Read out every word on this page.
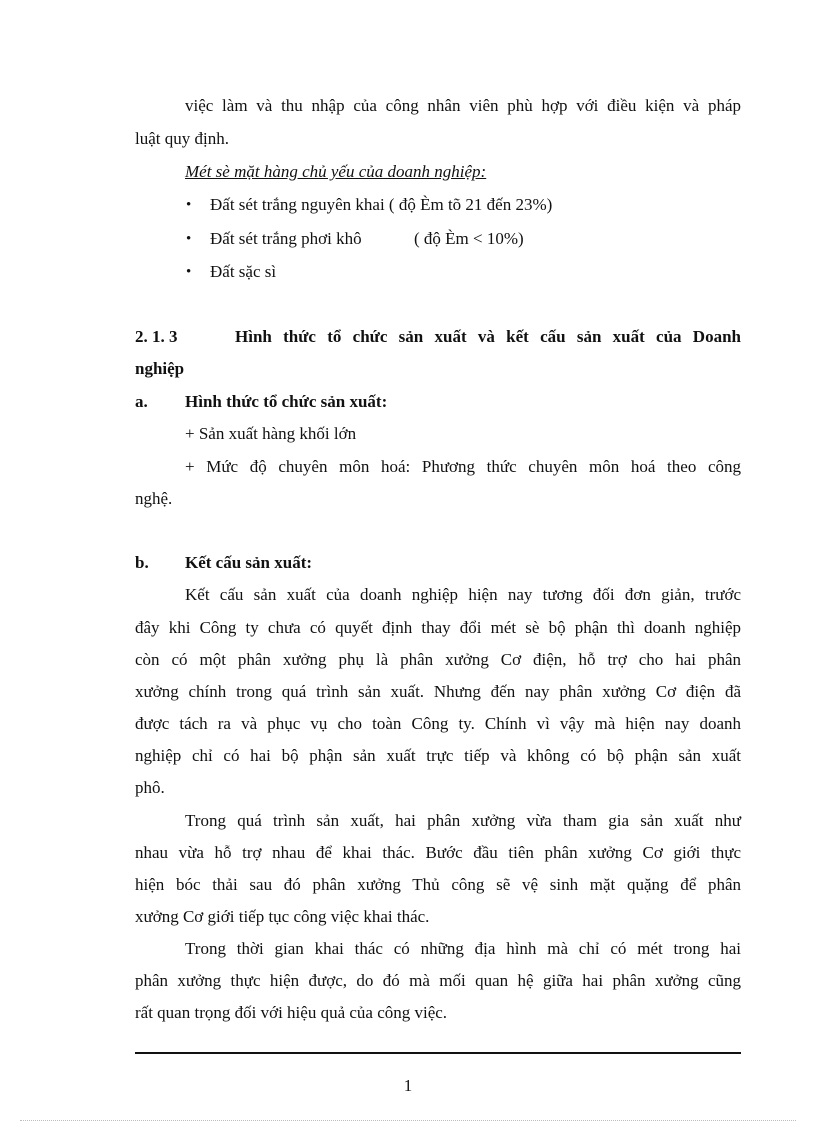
việc làm và thu nhập của công nhân viên phù hợp với điều kiện và pháp
luật quy định.
Mét sè mặt hàng chủ yếu của doanh nghiệp:
• Đất sét trắng nguyên khai ( độ Èm tõ 21 đến 23%)
• Đất sét trắng phơi khô	( độ Èm < 10%)
• Đất sặc sì
2. 1. 3	Hình thức tổ chức sản xuất và kết cấu sản xuất của Doanh
nghiệp
a. Hình thức tổ chức sản xuất:
+ Sản xuất hàng khối lớn
+ Mức độ chuyên môn hoá: Phương thức chuyên môn hoá theo công
nghệ.
b. Kết cấu sản xuất:
Kết cấu sản xuất của doanh nghiệp hiện nay tương đối đơn giản, trước
đây khi Công ty chưa có quyết định thay đổi mét sè bộ phận thì doanh nghiệp
còn có một phân xưởng phụ là phân xưởng Cơ điện, hỗ trợ cho hai phân
xưởng chính trong quá trình sản xuất. Nhưng đến nay phân xưởng Cơ điện đã
được tách ra và phục vụ cho toàn Công ty. Chính vì vậy mà hiện nay doanh
nghiệp chỉ có hai bộ phận sản xuất trực tiếp và không có bộ phận sản xuất
phô.
Trong quá trình sản xuất, hai phân xưởng vừa tham gia sản xuất như
nhau vừa hỗ trợ nhau để khai thác. Bước đầu tiên phân xưởng Cơ giới thực
hiện bóc thải sau đó phân xưởng Thủ công sẽ vệ sinh mặt quặng để phân
xưởng Cơ giới tiếp tục công việc khai thác.
Trong thời gian khai thác có những địa hình mà chỉ có mét trong hai
phân xưởng thực hiện được, do đó mà mối quan hệ giữa hai phân xưởng cũng
rất quan trọng đối với hiệu quả của công việc.
1
